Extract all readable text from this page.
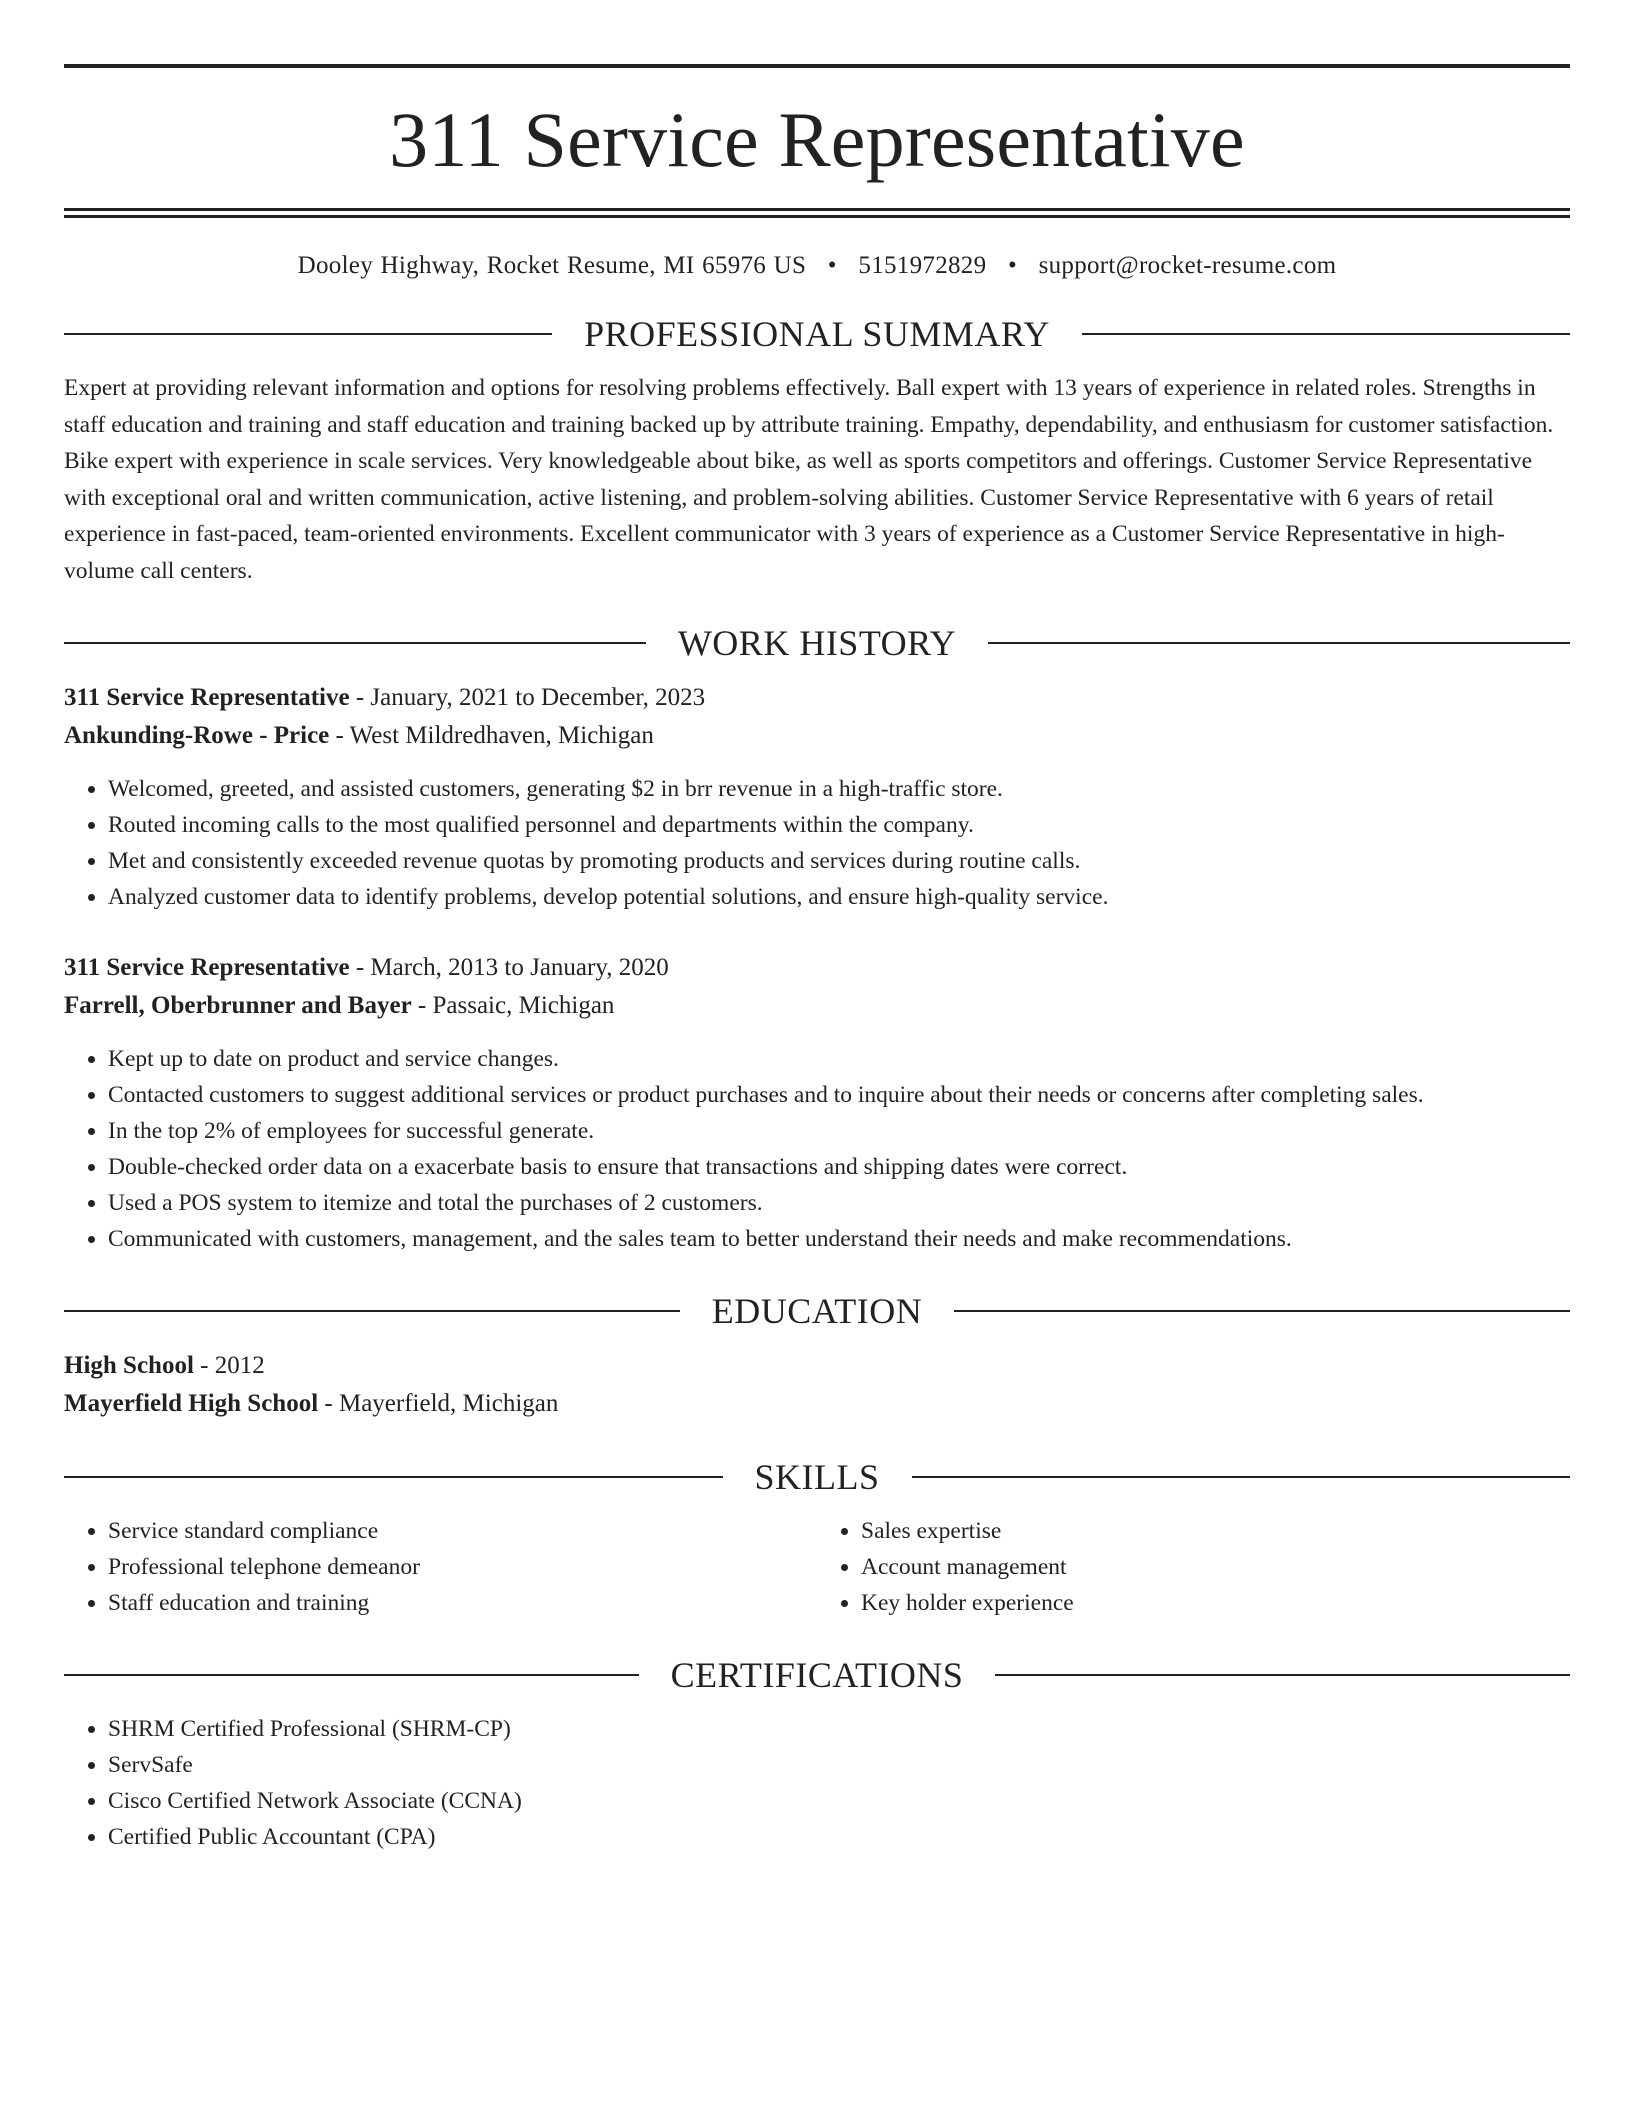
311 Service Representative
Dooley Highway, Rocket Resume, MI 65976 US • 5151972829 • support@rocket-resume.com
PROFESSIONAL SUMMARY

Expert at providing relevant information and options for resolving problems effectively. Ball expert with 13 years of experience in related roles. Strengths in staff education and training and staff education and training backed up by attribute training. Empathy, dependability, and enthusiasm for customer satisfaction. Bike expert with experience in scale services. Very knowledgeable about bike, as well as sports competitors and offerings. Customer Service Representative with exceptional oral and written communication, active listening, and problem-solving abilities. Customer Service Representative with 6 years of retail experience in fast-paced, team-oriented environments. Excellent communicator with 3 years of experience as a Customer Service Representative in high-volume call centers.

WORK HISTORY
311 Service Representative - January, 2021 to December, 2023
Ankunding-Rowe - Price - West Mildredhaven, Michigan
• Welcomed, greeted, and assisted customers, generating $2 in brr revenue in a high-traffic store.
• Routed incoming calls to the most qualified personnel and departments within the company.
• Met and consistently exceeded revenue quotas by promoting products and services during routine calls.
• Analyzed customer data to identify problems, develop potential solutions, and ensure high-quality service.
311 Service Representative - March, 2013 to January, 2020
Farrell, Oberbrunner and Bayer - Passaic, Michigan
• Kept up to date on product and service changes.
• Contacted customers to suggest additional services or product purchases and to inquire about their needs or concerns after completing sales.
• In the top 2% of employees for successful generate.
• Double-checked order data on a exacerbate basis to ensure that transactions and shipping dates were correct.
• Used a POS system to itemize and total the purchases of 2 customers.
• Communicated with customers, management, and the sales team to better understand their needs and make recommendations.
EDUCATION
High School - 2012
Mayerfield High School - Mayerfield, Michigan
SKILLS
• Service standard compliance
• Professional telephone demeanor
• Staff education and training
• Sales expertise
• Account management
• Key holder experience
CERTIFICATIONS
• SHRM Certified Professional (SHRM-CP)
• ServSafe
• Cisco Certified Network Associate (CCNA)
• Certified Public Accountant (CPA)
